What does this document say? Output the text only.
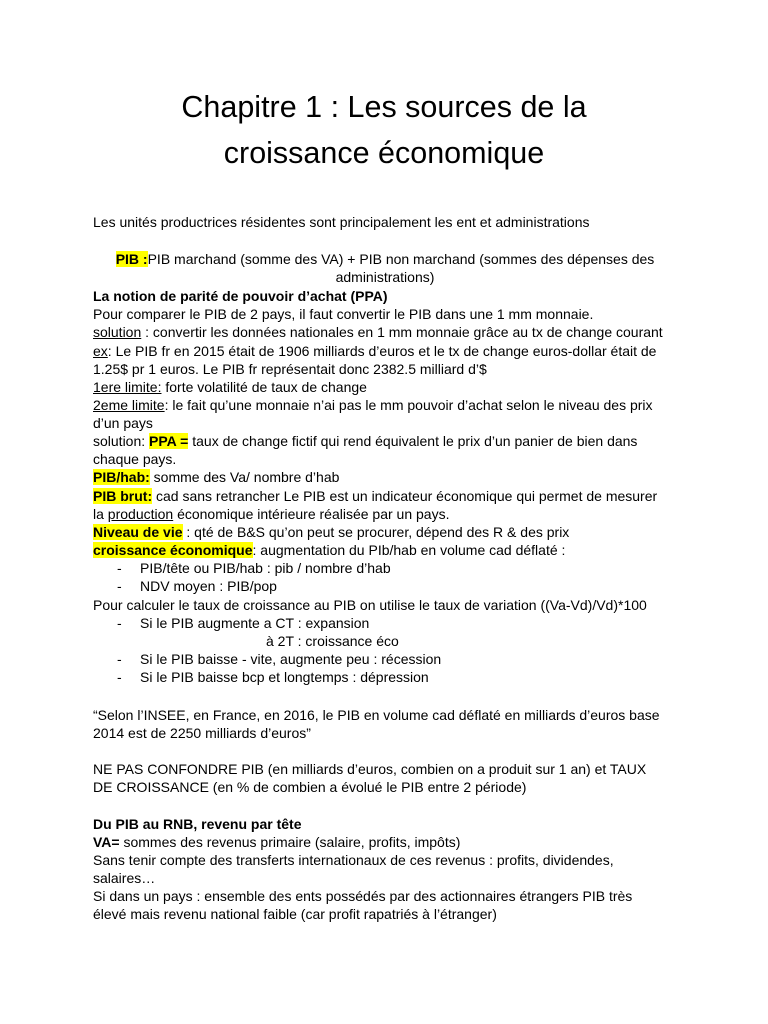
Chapitre 1 : Les sources de la
croissance économique
Les unités productrices résidentes sont principalement les ent et administrations
PIB :PIB marchand (somme des VA) + PIB non marchand (sommes des dépenses des
administrations)
La notion de parité de pouvoir d’achat (PPA)
Pour comparer le PIB de 2 pays, il faut convertir le PIB dans une 1 mm monnaie.
solution : convertir les données nationales en 1 mm monnaie grâce au tx de change courant
ex: Le PIB fr en 2015 était de 1906 milliards d’euros et le tx de change euros-dollar était de
1.25$ pr 1 euros. Le PIB fr représentait donc 2382.5 milliard d’$
1ere limite: forte volatilité de taux de change
2eme limite: le fait qu’une monnaie n’ai pas le mm pouvoir d’achat selon le niveau des prix
d’un pays
solution: PPA = taux de change fictif qui rend équivalent le prix d’un panier de bien dans
chaque pays.
PIB/hab: somme des Va/ nombre d’hab
PIB brut: cad sans retrancher Le PIB est un indicateur économique qui permet de mesurer
la production économique intérieure réalisée par un pays.
Niveau de vie : qté de B&S qu’on peut se procurer, dépend des R & des prix
croissance économique: augmentation du PIb/hab en volume cad déflaté :
- PIB/tête ou PIB/hab : pib / nombre d’hab
- NDV moyen : PIB/pop
Pour calculer le taux de croissance au PIB on utilise le taux de variation ((Va-Vd)/Vd)*100
- Si le PIB augmente a CT : expansion
à 2T : croissance éco
- Si le PIB baisse - vite, augmente peu : récession
- Si le PIB baisse bcp et longtemps : dépression
“Selon l’INSEE, en France, en 2016, le PIB en volume cad déflaté en milliards d’euros base
2014 est de 2250 milliards d’euros”
NE PAS CONFONDRE PIB (en milliards d’euros, combien on a produit sur 1 an) et TAUX
DE CROISSANCE (en % de combien a évolué le PIB entre 2 période)
Du PIB au RNB, revenu par tête
VA= sommes des revenus primaire (salaire, profits, impôts)
Sans tenir compte des transferts internationaux de ces revenus : profits, dividendes,
salaires…
Si dans un pays : ensemble des ents possédés par des actionnaires étrangers PIB très
élevé mais revenu national faible (car profit rapatriés à l’étranger)
